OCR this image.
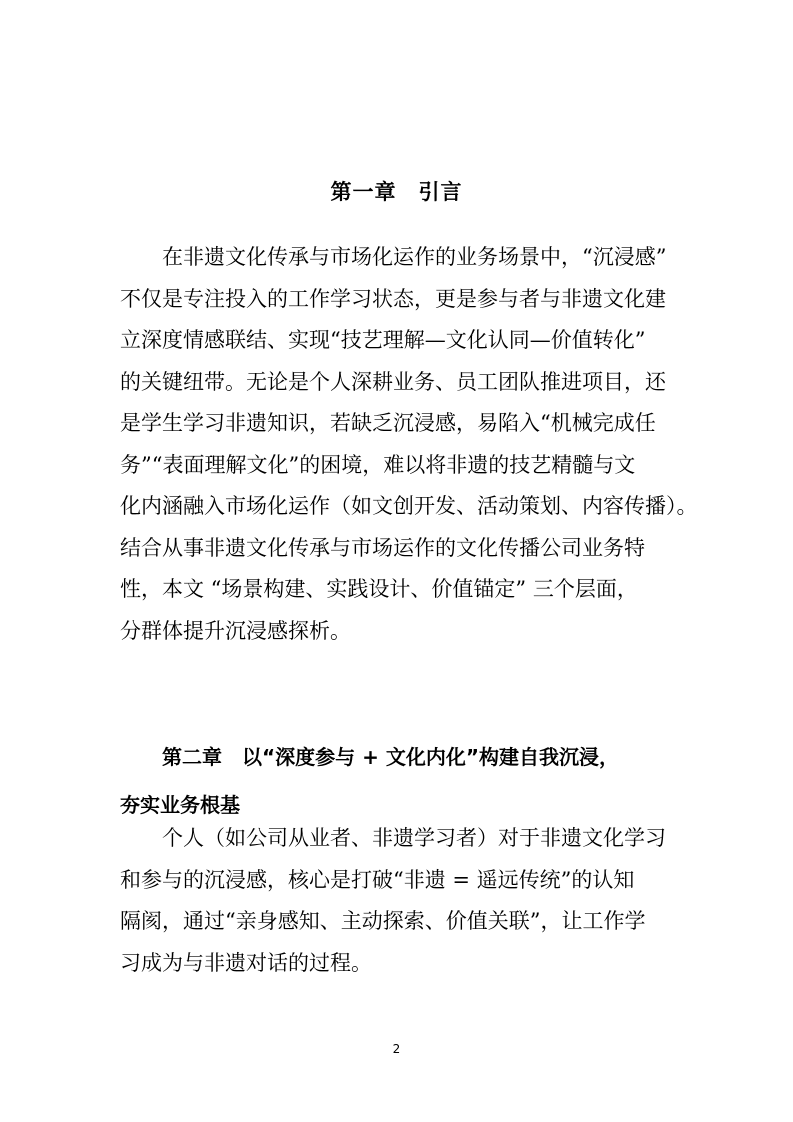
第一章　引言
在非遗文化传承与市场化运作的业务场景中，“沉浸感”
不仅是专注投入的工作学习状态，更是参与者与非遗文化建
立深度情感联结、实现“技艺理解—文化认同—价值转化”
的关键纽带。无论是个人深耕业务、员工团队推进项目，还
是学生学习非遗知识，若缺乏沉浸感，易陷入“机械完成任
务”“表面理解文化”的困境，难以将非遗的技艺精髓与文
化内涵融入市场化运作（如文创开发、活动策划、内容传播）。
结合从事非遗文化传承与市场运作的文化传播公司业务特
性，本文 “场景构建、实践设计、价值锚定” 三个层面，
分群体提升沉浸感探析。
第二章　以“深度参与 + 文化内化”构建自我沉浸，
夯实业务根基
个人（如公司从业者、非遗学习者）对于非遗文化学习
和参与的沉浸感，核心是打破“非遗 = 遥远传统”的认知
隔阂，通过“亲身感知、主动探索、价值关联”，让工作学
习成为与非遗对话的过程。
2
